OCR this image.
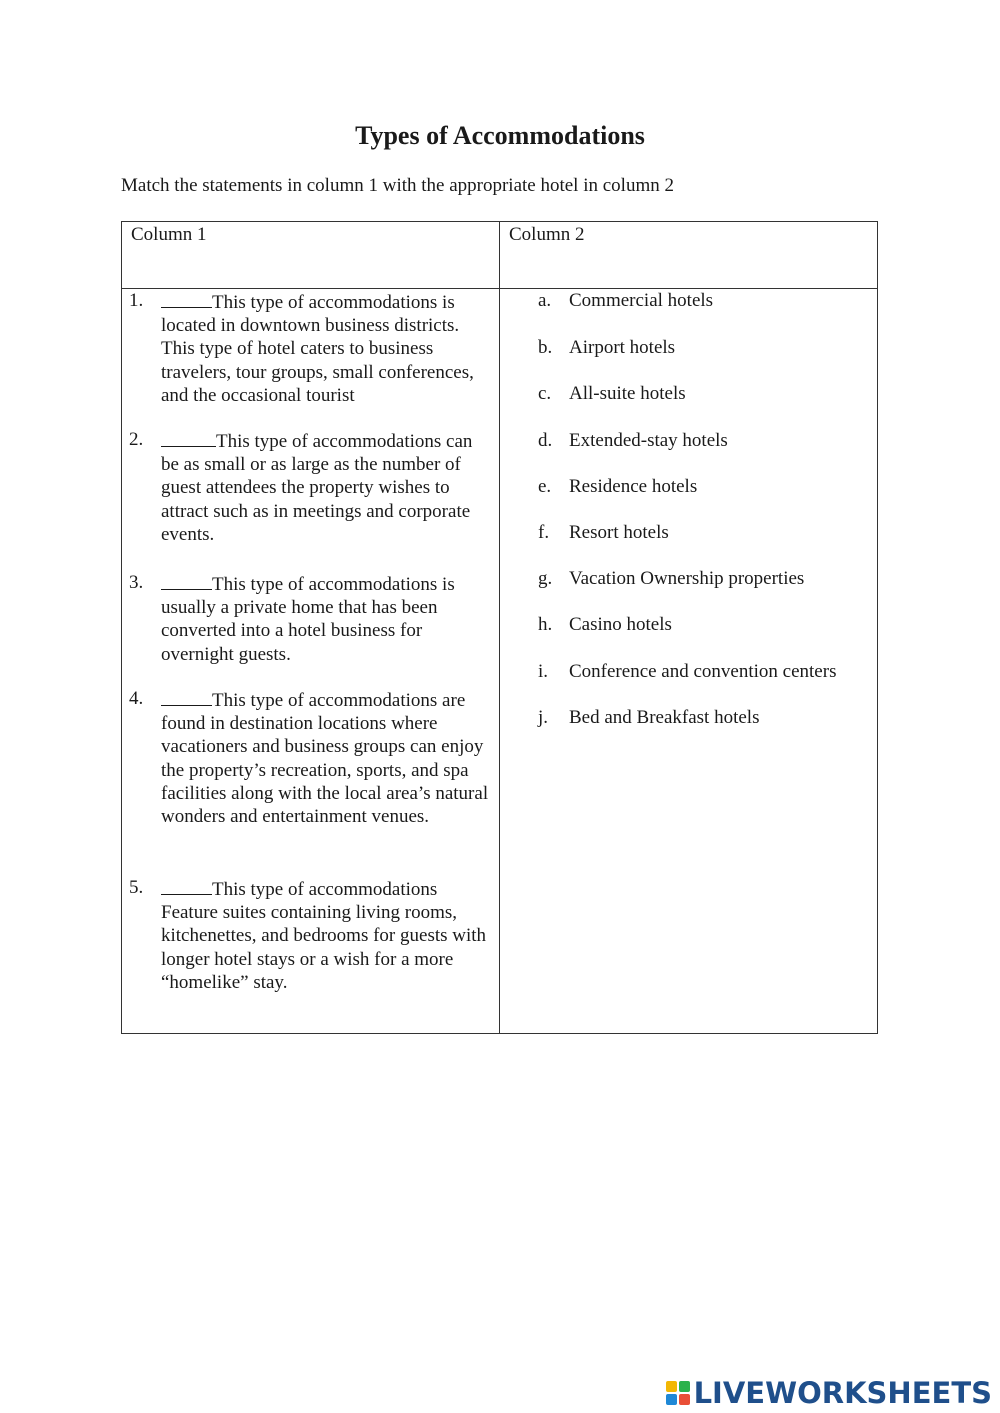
Types of Accommodations
Match the statements in column 1 with the appropriate hotel in column 2
Column 1	Column 2
1.	This type of accommodations is located in downtown business districts. This type of hotel caters to business travelers, tour groups, small conferences, and the occasional tourist
2.	This type of accommodations can be as small or as large as the number of guest attendees the property wishes to attract such as in meetings and corporate events.
3.	This type of accommodations is usually a private home that has been converted into a hotel business for overnight guests.
4.	This type of accommodations are found in destination locations where vacationers and business groups can enjoy the property’s recreation, sports, and spa facilities along with the local area’s natural wonders and entertainment venues.
5.	This type of accommodations Feature suites containing living rooms, kitchenettes, and bedrooms for guests with longer hotel stays or a wish for a more “homelike” stay.
a. Commercial hotels
b. Airport hotels
c. All-suite hotels
d. Extended-stay hotels
e. Residence hotels
f. Resort hotels
g. Vacation Ownership properties
h. Casino hotels
i. Conference and convention centers
j. Bed and Breakfast hotels
LIVEWORKSHEETS
